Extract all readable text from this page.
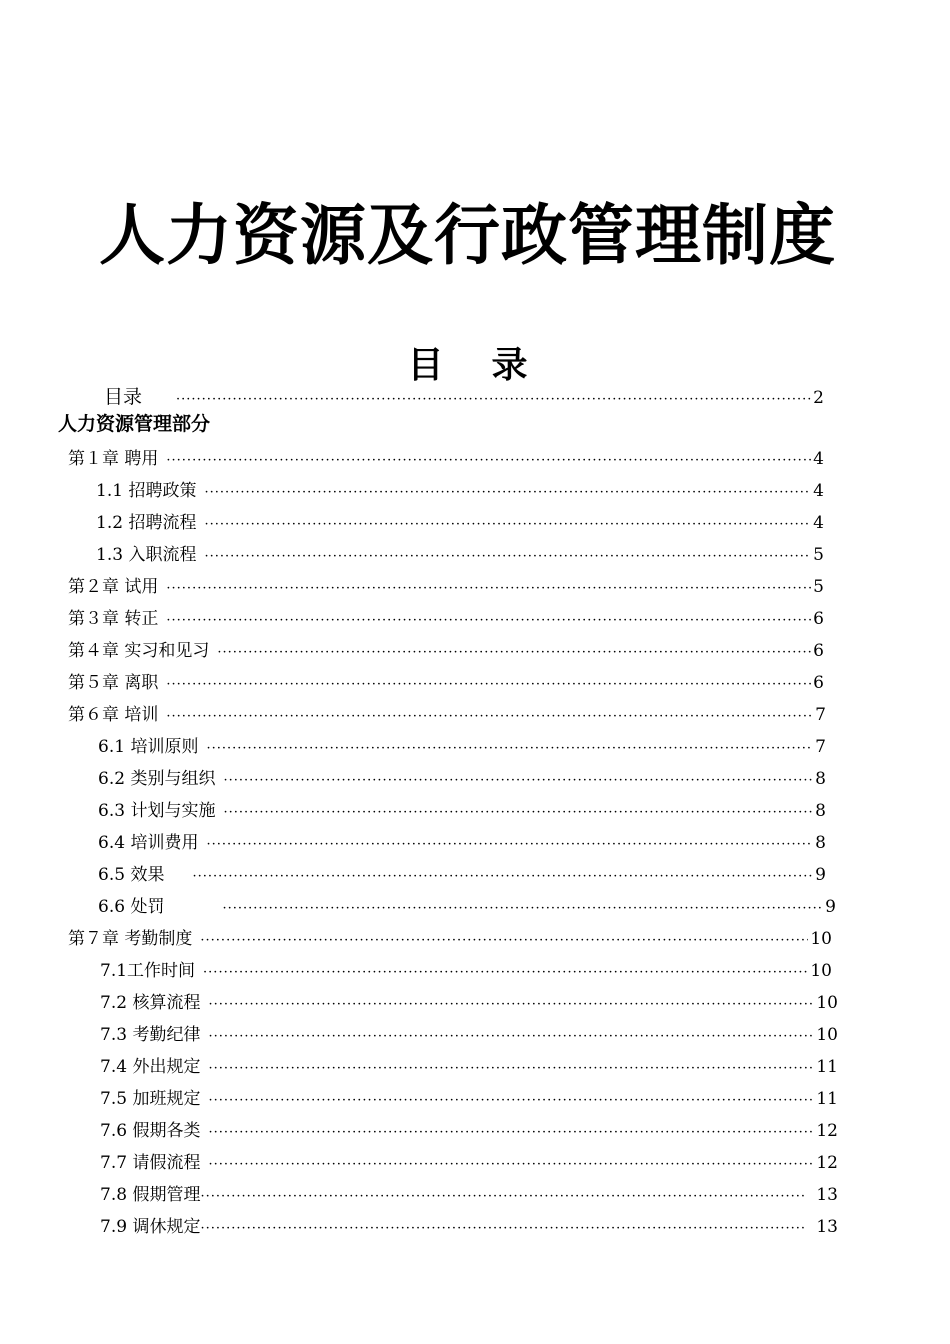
人力资源及行政管理制度
目 录
目录 ·····	2
人力资源管理部分
第１章 聘用 ·····	4
1.1 招聘政策 ·····	4
1.2 招聘流程 ·····	4
1.3 入职流程 ·····	5
第２章 试用 ·····	5
第３章 转正 ·····	6
第４章 实习和见习 ·····	6
第５章 离职 ·····	6
第６章 培训 ·····	7
6.1 培训原则 ·····	7
6.2 类别与组织 ·····	8
6.3 计划与实施 ·····	8
6.4 培训费用 ·····	8
6.5 效果 ·····	9
6.6 处罚 ·····	9
第７章 考勤制度 ·····	10
7.1工作时间 ·····	10
7.2 核算流程 ·····	10
7.3 考勤纪律 ·····	10
7.4 外出规定 ·····	11
7.5 加班规定 ·····	11
7.6 假期各类 ·····	12
7.7 请假流程 ·····	12
7.8 假期管理 ·····	13
7.9 调休规定 ·····	13
